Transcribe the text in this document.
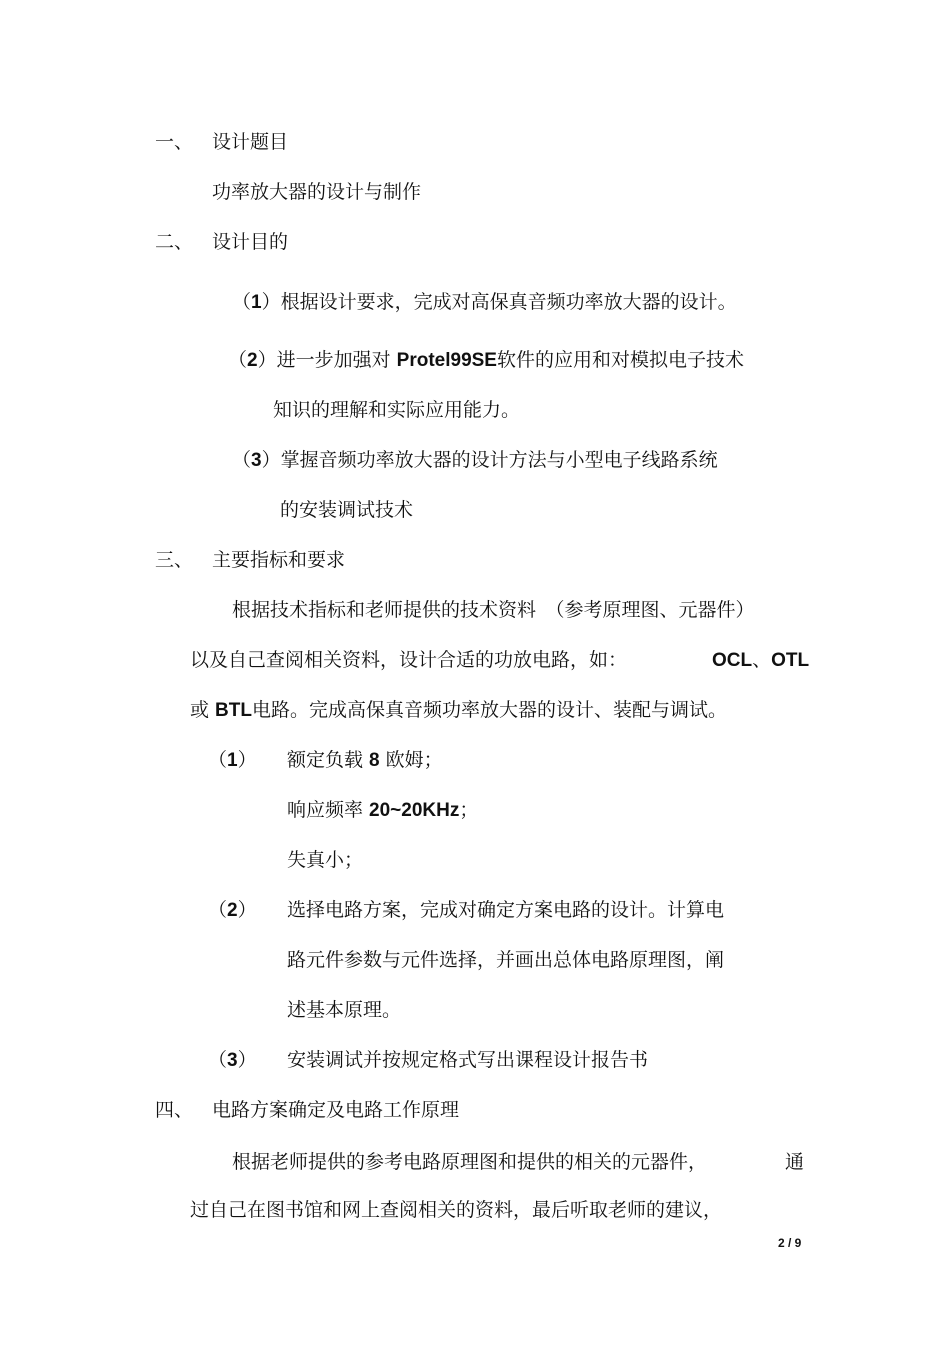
一、 设计题目
功率放大器的设计与制作
二、 设计目的
（1）根据设计要求，完成对高保真音频功率放大器的设计。
（2）进一步加强对 Protel99SE软件的应用和对模拟电子技术
知识的理解和实际应用能力。
（3）掌握音频功率放大器的设计方法与小型电子线路系统
的安装调试技术
三、 主要指标和要求
根据技术指标和老师提供的技术资料　（参考原理图、元器件）
以及自己查阅相关资料，设计合适的功放电路，如：	OCL、OTL
或 BTL电路。完成高保真音频功率放大器的设计、装配与调试。
（1） 额定负载 8 欧姆；
响应频率 20~20KHz；
失真小；
（2） 选择电路方案，完成对确定方案电路的设计。计算电
路元件参数与元件选择，并画出总体电路原理图，阐
述基本原理。
（3） 安装调试并按规定格式写出课程设计报告书
四、 电路方案确定及电路工作原理
根据老师提供的参考电路原理图和提供的相关的元器件，	通
过自己在图书馆和网上查阅相关的资料，最后听取老师的建议，
2 / 9
